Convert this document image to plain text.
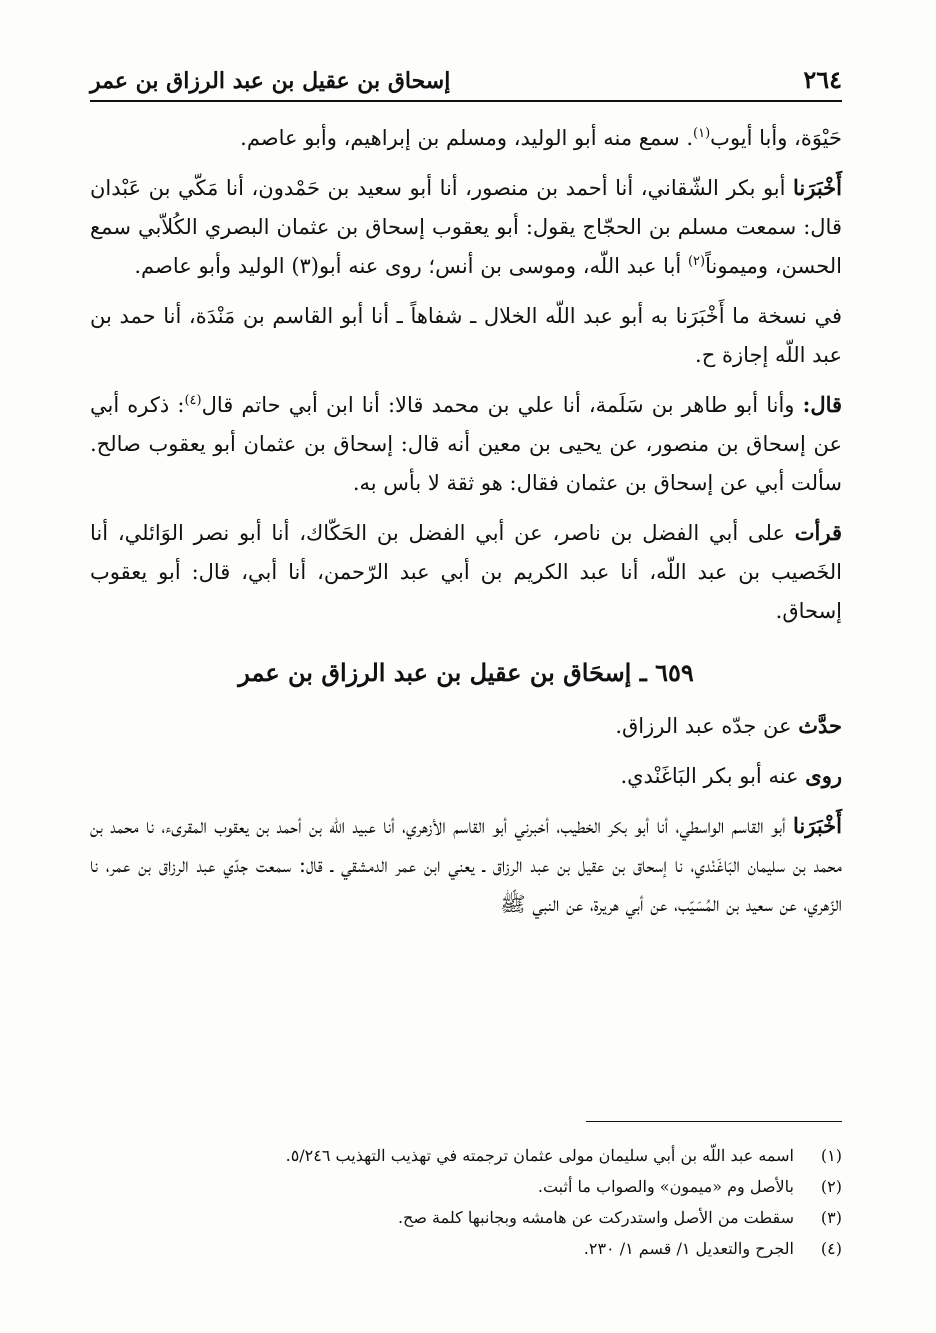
٢٦٤
إسحاق بن عقيل بن عبد الرزاق بن عمر

حَيْوَة، وأبا أيوب$^{(١)}$. سمع منه أبو الوليد، ومسلم بن إبراهيم، وأبو عاصم.

أَخْبَرَنا أبو بكر الشّقاني، أنا أحمد بن منصور، أنا أبو سعيد بن حَمْدون، أنا مَكّي بن عَبْدان قال: سمعت مسلم بن الحجّاج يقول: أبو يعقوب إسحاق بن عثمان البصري الكُلاّبي سمع الحسن، وميموناً$^{(٢)}$ أبا عبد اللّه، وموسى بن أنس؛ روى عنه أبو(٣) الوليد وأبو عاصم.

في نسخة ما أَخْبَرَنا به أبو عبد اللّه الخلال ـ شفاهاً ـ أنا أبو القاسم بن مَنْدَة، أنا حمد بن عبد اللّه إجازة ح.

قال: وأنا أبو طاهر بن سَلَمة، أنا علي بن محمد قالا: أنا ابن أبي حاتم قال$^{(٤)}$: ذكره أبي عن إسحاق بن منصور، عن يحيى بن معين أنه قال: إسحاق بن عثمان أبو يعقوب صالح. سألت أبي عن إسحاق بن عثمان فقال: هو ثقة لا بأس به.

قرأت على أبي الفضل بن ناصر، عن أبي الفضل بن الحَكّاك، أنا أبو نصر الوَائلي، أنا الخَصيب بن عبد اللّه، أنا عبد الكريم بن أبي عبد الرّحمن، أنا أبي، قال: أبو يعقوب إسحاق.

٦٥٩ ـ إسحَاق بن عقيل بن عبد الرزاق بن عمر

حدَّث عن جدّه عبد الرزاق.

روى عنه أبو بكر البَاغَنْدي.

أَخْبَرَنا أبو القاسم الواسطي، أنا أبو بكر الخطيب، أخبرني أبو القاسم الأزهري، أنا عبيد اللّه بن أحمد بن يعقوب المقرىء، نا محمد بن محمد بن سليمان البَاغَنْدي، نا إسحاق بن عقيل بن عبد الرزاق ـ يعني ابن عمر الدمشقي ـ قال: سمعت جدّي عبد الرزاق بن عمر، نا الزّهري، عن سعيد بن المُسَيّب، عن أبي هريرة، عن النبي ﷺ

(١)
اسمه عبد اللّه بن أبي سليمان مولى عثمان ترجمته في تهذيب التهذيب ٥/٢٤٦.
(٢)
بالأصل وم «ميمون» والصواب ما أثبت.
(٣)
سقطت من الأصل واستدركت عن هامشه وبجانبها كلمة صح.
(٤)
الجرح والتعديل ١/ قسم ١/ ٢٣٠.
